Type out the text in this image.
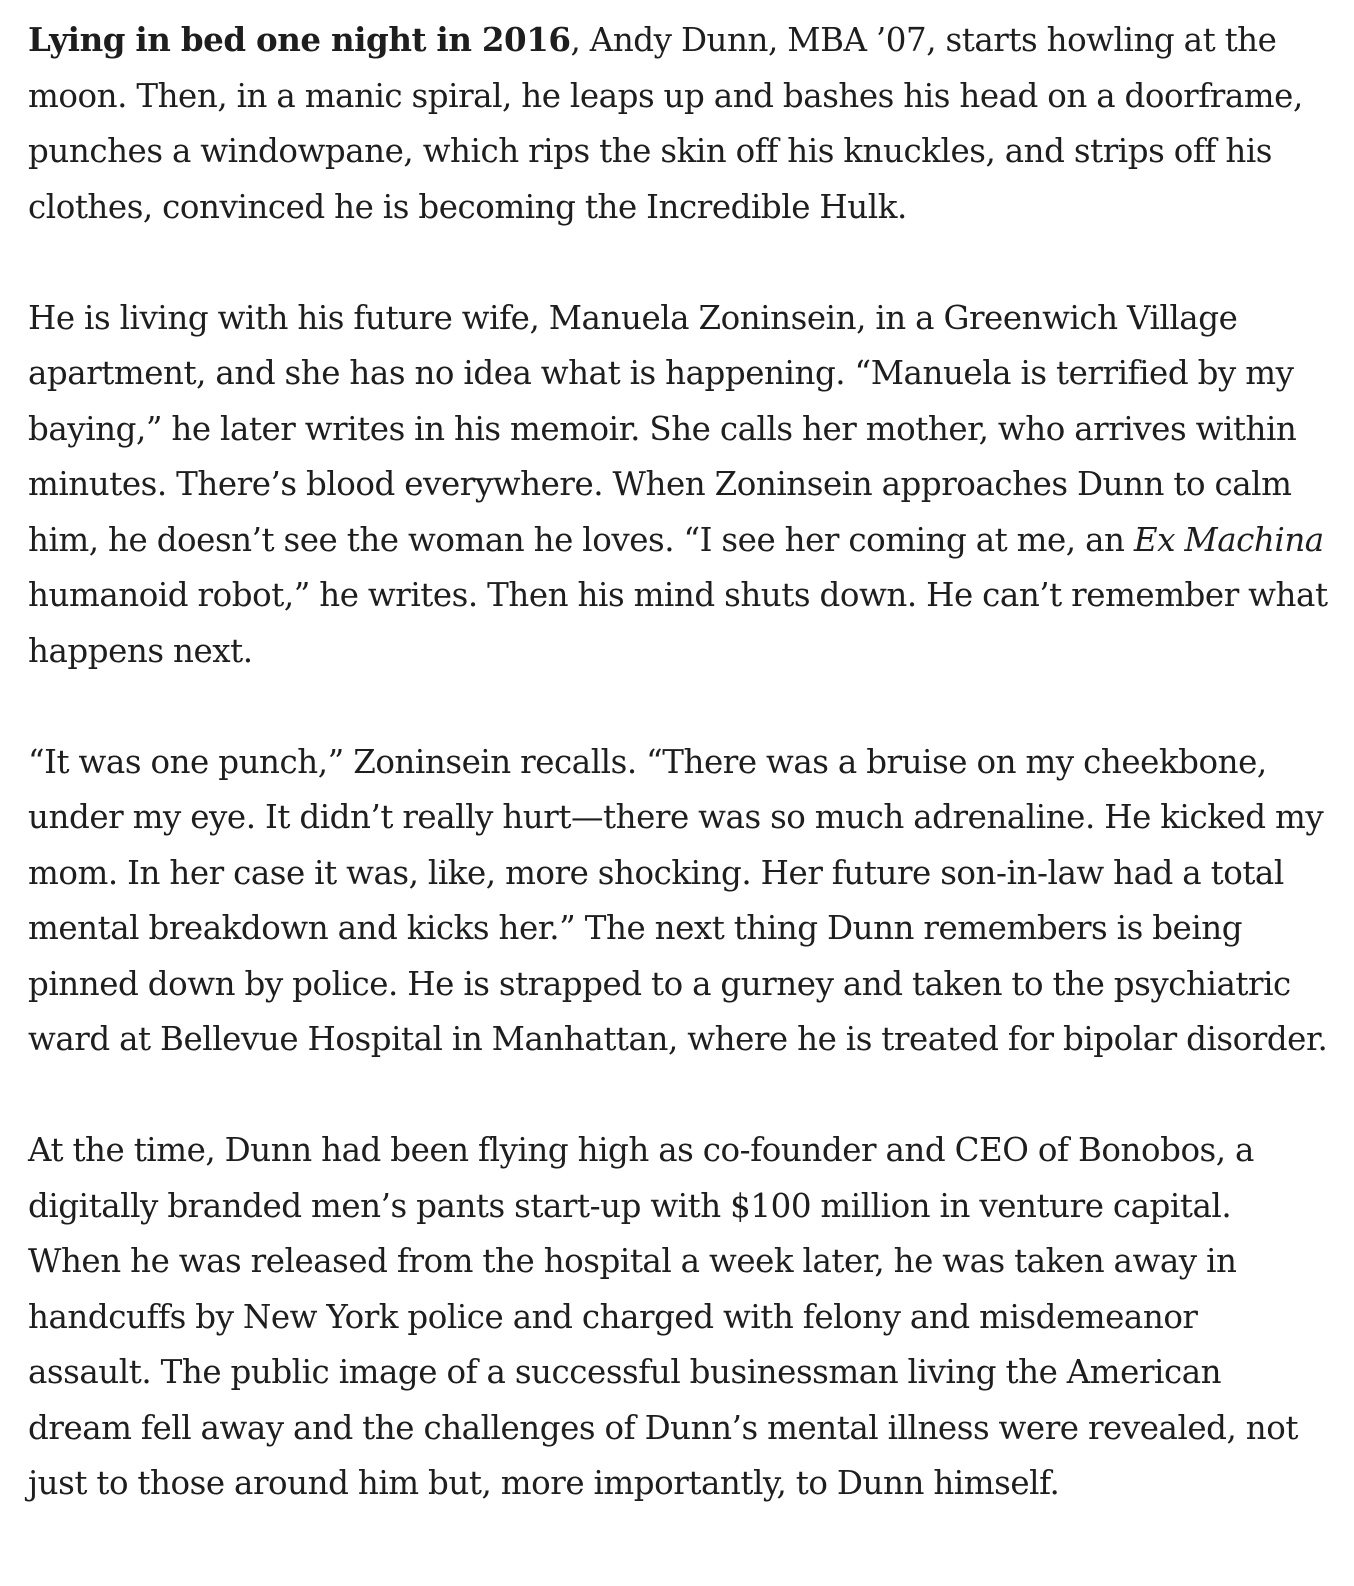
Lying in bed one night in 2016, Andy Dunn, MBA ’07, starts howling at the moon. Then, in a manic spiral, he leaps up and bashes his head on a doorframe, punches a windowpane, which rips the skin off his knuckles, and strips off his clothes, convinced he is becoming the Incredible Hulk.

He is living with his future wife, Manuela Zoninsein, in a Greenwich Village apartment, and she has no idea what is happening. “Manuela is terrified by my baying,” he later writes in his memoir. She calls her mother, who arrives within minutes. There’s blood everywhere. When Zoninsein approaches Dunn to calm him, he doesn’t see the woman he loves. “I see her coming at me, an Ex Machina humanoid robot,” he writes. Then his mind shuts down. He can’t remember what happens next.

“It was one punch,” Zoninsein recalls. “There was a bruise on my cheekbone, under my eye. It didn’t really hurt—there was so much adrenaline. He kicked my mom. In her case it was, like, more shocking. Her future son-in-law had a total mental breakdown and kicks her.” The next thing Dunn remembers is being pinned down by police. He is strapped to a gurney and taken to the psychiatric ward at Bellevue Hospital in Manhattan, where he is treated for bipolar disorder.

At the time, Dunn had been flying high as co-founder and CEO of Bonobos, a digitally branded men’s pants start-up with $100 million in venture capital. When he was released from the hospital a week later, he was taken away in handcuffs by New York police and charged with felony and misdemeanor assault. The public image of a successful businessman living the American dream fell away and the challenges of Dunn’s mental illness were revealed, not just to those around him but, more importantly, to Dunn himself.
